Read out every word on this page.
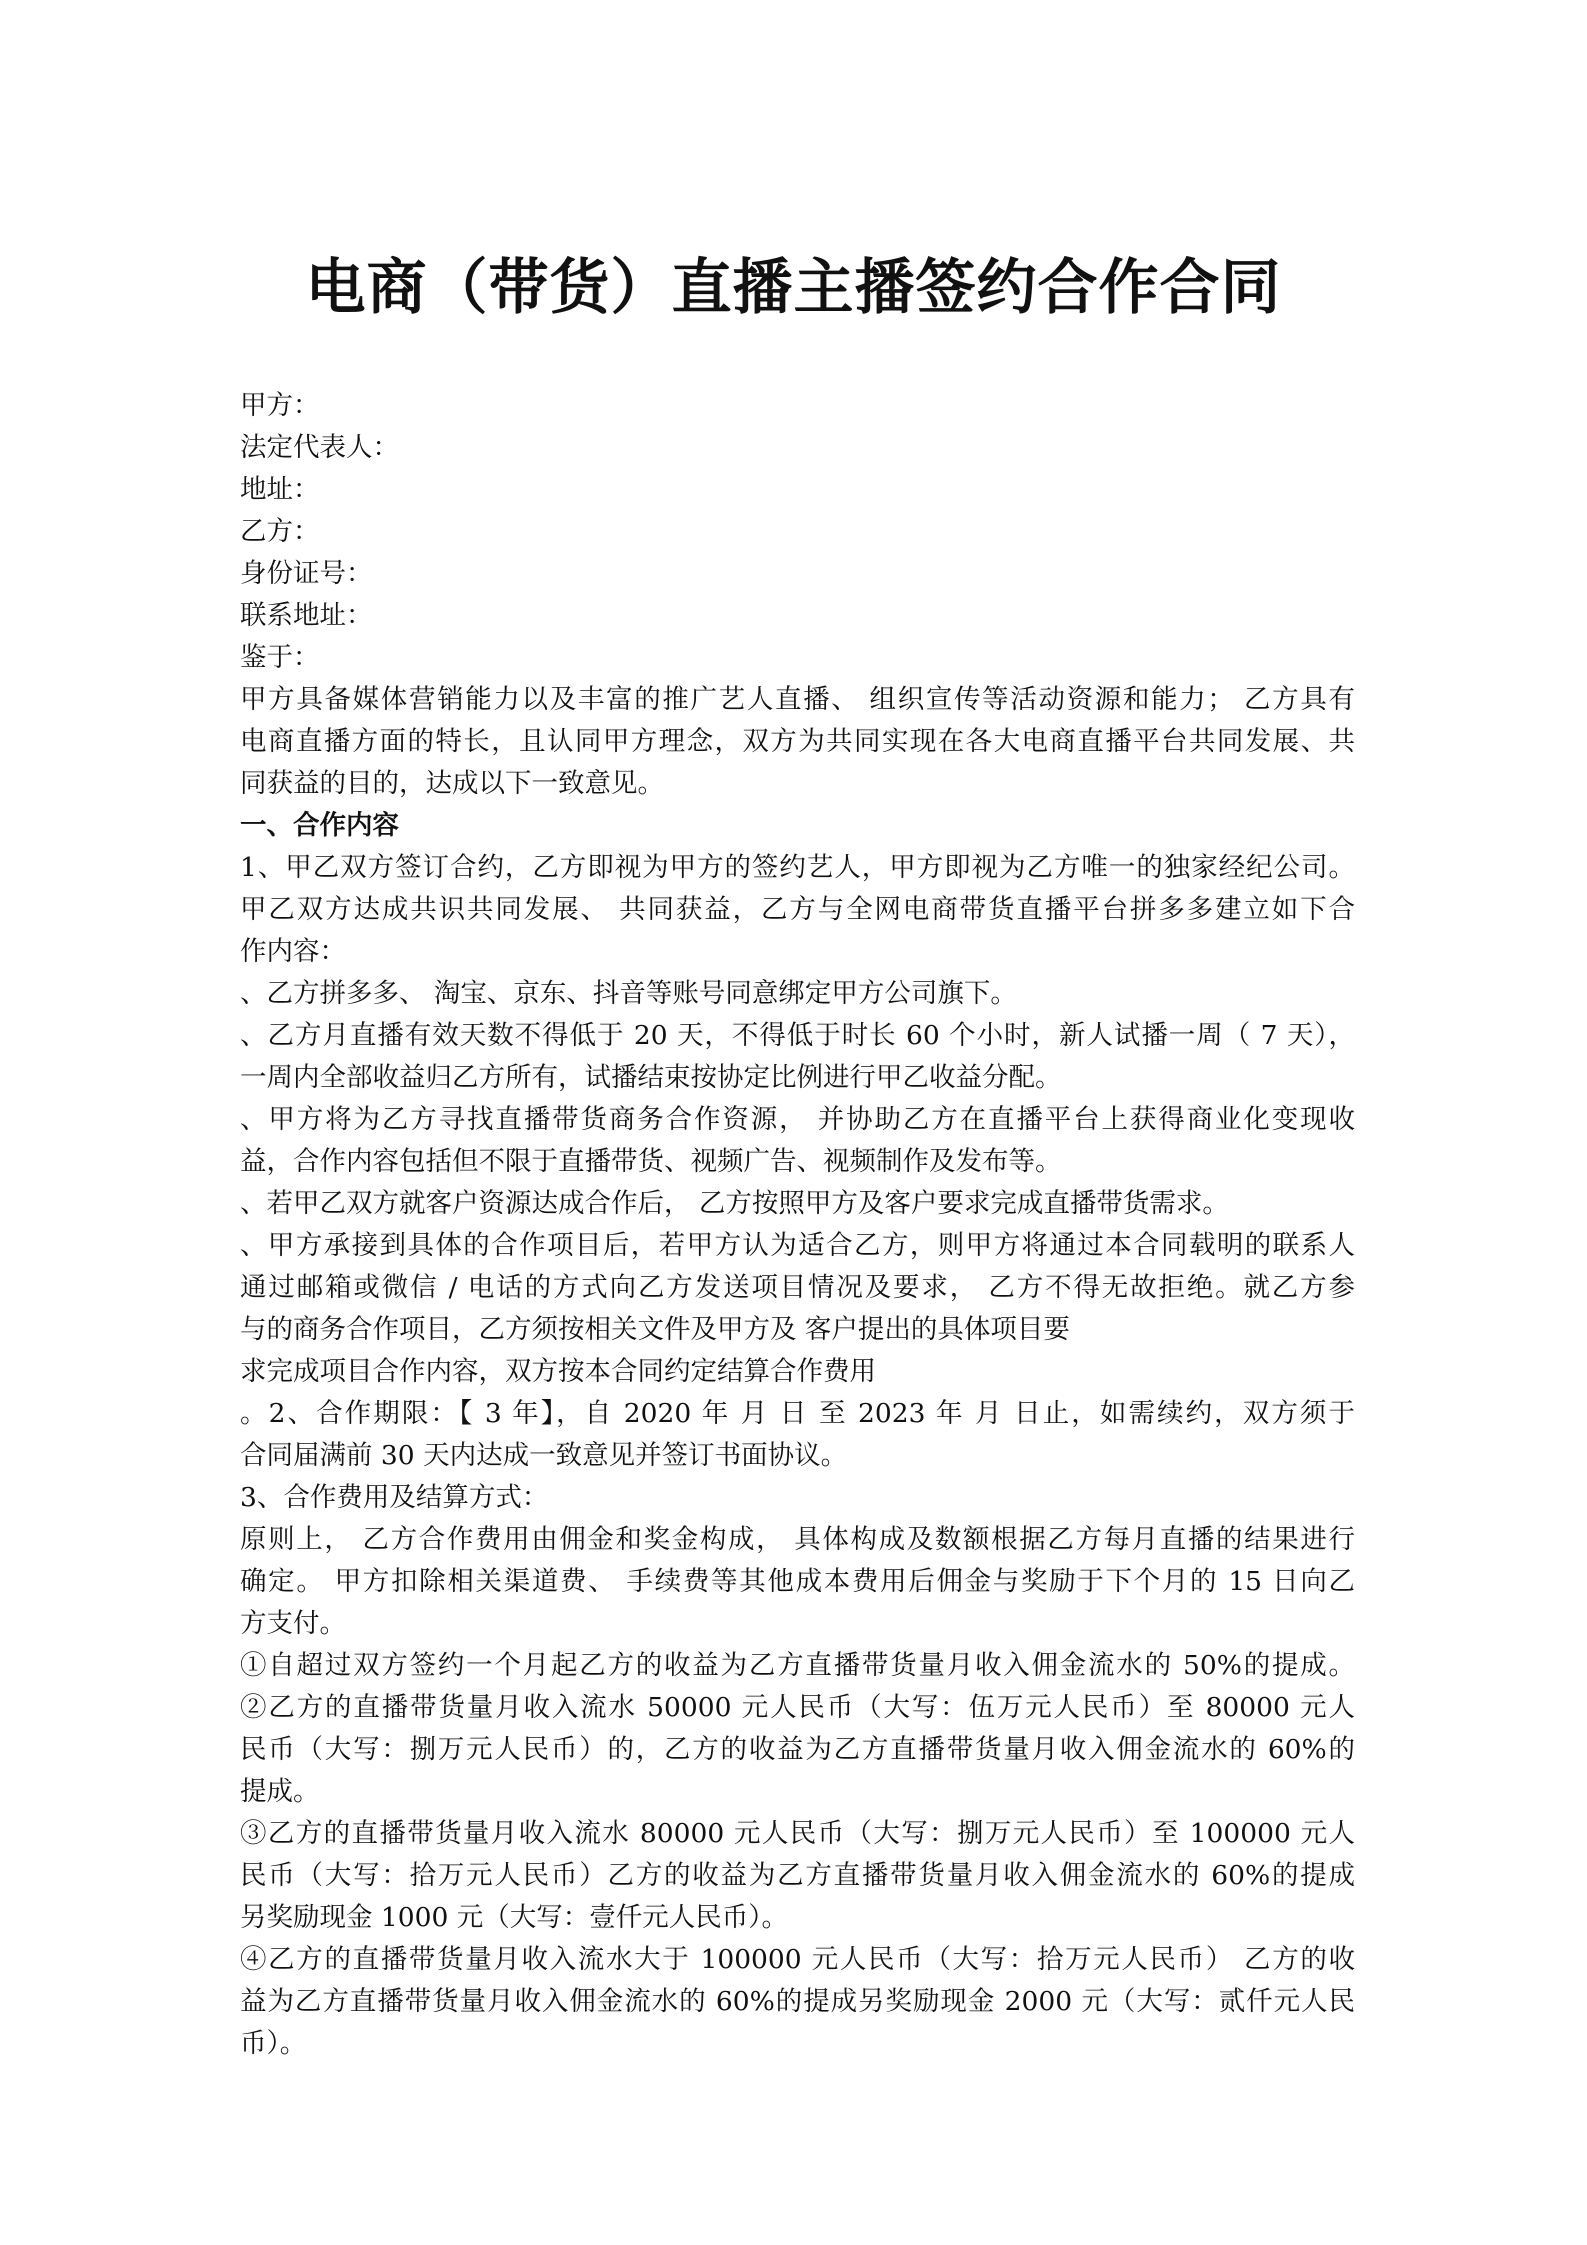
电商（带货）直播主播签约合作合同
甲方：
法定代表人：
地址：
乙方：
身份证号：
联系地址：
鉴于：
甲方具备媒体营销能力以及丰富的推广艺人直播、 组织宣传等活动资源和能力； 乙方具有
电商直播方面的特长，且认同甲方理念，双方为共同实现在各大电商直播平台共同发展、共
同获益的目的，达成以下一致意见。
一、合作内容
1、甲乙双方签订合约，乙方即视为甲方的签约艺人，甲方即视为乙方唯一的独家经纪公司。
甲乙双方达成共识共同发展、 共同获益，乙方与全网电商带货直播平台拼多多建立如下合
作内容：
、乙方拼多多、 淘宝、京东、抖音等账号同意绑定甲方公司旗下。
、乙方月直播有效天数不得低于 20 天，不得低于时长 60 个小时，新人试播一周（ 7 天），
一周内全部收益归乙方所有，试播结束按协定比例进行甲乙收益分配。
、甲方将为乙方寻找直播带货商务合作资源， 并协助乙方在直播平台上获得商业化变现收
益，合作内容包括但不限于直播带货、视频广告、视频制作及发布等。
、若甲乙双方就客户资源达成合作后， 乙方按照甲方及客户要求完成直播带货需求。
、甲方承接到具体的合作项目后，若甲方认为适合乙方，则甲方将通过本合同载明的联系人
通过邮箱或微信 / 电话的方式向乙方发送项目情况及要求， 乙方不得无故拒绝。就乙方参
与的商务合作项目，乙方须按相关文件及甲方及 客户提出的具体项目要
求完成项目合作内容，双方按本合同约定结算合作费用
。2、合作期限：【 3 年】，自 2020 年 月 日 至 2023 年 月 日止，如需续约，双方须于
合同届满前 30 天内达成一致意见并签订书面协议。
3、合作费用及结算方式：
原则上， 乙方合作费用由佣金和奖金构成， 具体构成及数额根据乙方每月直播的结果进行
确定。 甲方扣除相关渠道费、 手续费等其他成本费用后佣金与奖励于下个月的 15 日向乙
方支付。
①自超过双方签约一个月起乙方的收益为乙方直播带货量月收入佣金流水的 50%的提成。
②乙方的直播带货量月收入流水 50000 元人民币（大写：伍万元人民币）至 80000 元人
民币（大写：捌万元人民币）的，乙方的收益为乙方直播带货量月收入佣金流水的 60%的
提成。
③乙方的直播带货量月收入流水 80000 元人民币（大写：捌万元人民币）至 100000 元人
民币（大写：拾万元人民币）乙方的收益为乙方直播带货量月收入佣金流水的 60%的提成
另奖励现金 1000 元（大写：壹仟元人民币）。
④乙方的直播带货量月收入流水大于 100000 元人民币（大写：拾万元人民币） 乙方的收
益为乙方直播带货量月收入佣金流水的 60%的提成另奖励现金 2000 元（大写：贰仟元人民
币）。
